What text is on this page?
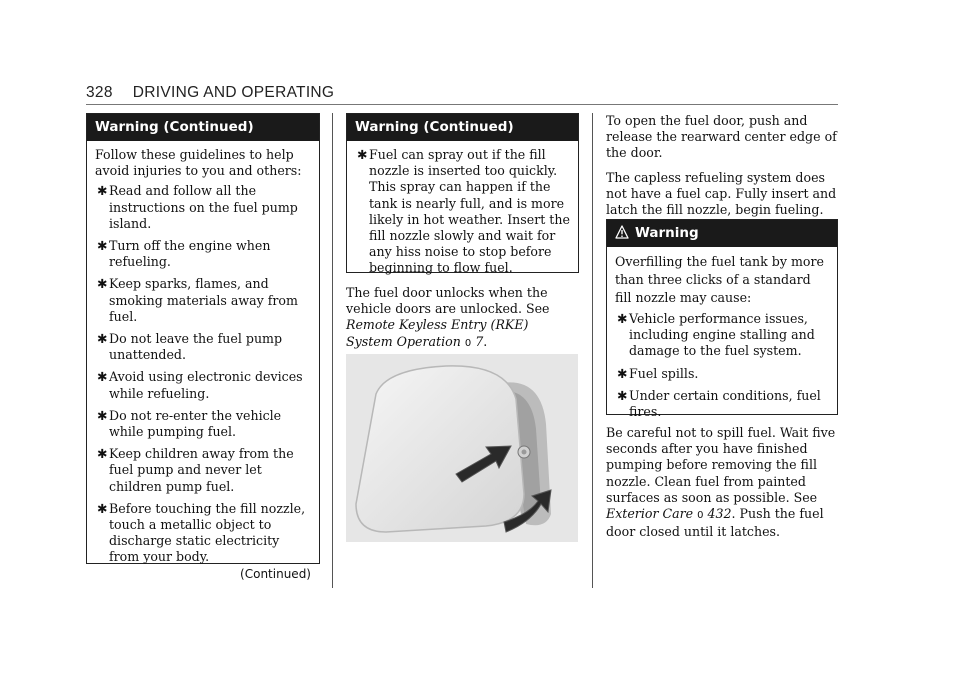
328 DRIVING AND OPERATING
Warning (Continued)

Follow these guidelines to help avoid injuries to you and others:

✱ Read and follow all the instructions on the fuel pump island.
✱ Turn off the engine when refueling.
✱ Keep sparks, flames, and smoking materials away from fuel.
✱ Do not leave the fuel pump unattended.
✱ Avoid using electronic devices while refueling.
✱ Do not re-enter the vehicle while pumping fuel.
✱ Keep children away from the fuel pump and never let children pump fuel.
✱ Before touching the fill nozzle, touch a metallic object to discharge static electricity from your body.
(Continued)
Warning (Continued)
✱ Fuel can spray out if the fill nozzle is inserted too quickly. This spray can happen if the tank is nearly full, and is more likely in hot weather. Insert the fill nozzle slowly and wait for any hiss noise to stop before beginning to flow fuel.
The fuel door unlocks when the vehicle doors are unlocked. See Remote Keyless Entry (RKE) System Operation 0 7.

To open the fuel door, push and release the rearward center edge of the door.

The capless refueling system does not have a fuel cap. Fully insert and latch the fill nozzle, begin fueling.

Warning

Overfilling the fuel tank by more than three clicks of a standard fill nozzle may cause:

✱ Vehicle performance issues, including engine stalling and damage to the fuel system.
✱ Fuel spills.
✱ Under certain conditions, fuel fires.
Be careful not to spill fuel. Wait five seconds after you have finished pumping before removing the fill nozzle. Clean fuel from painted surfaces as soon as possible. See Exterior Care 0 432. Push the fuel door closed until it latches.
